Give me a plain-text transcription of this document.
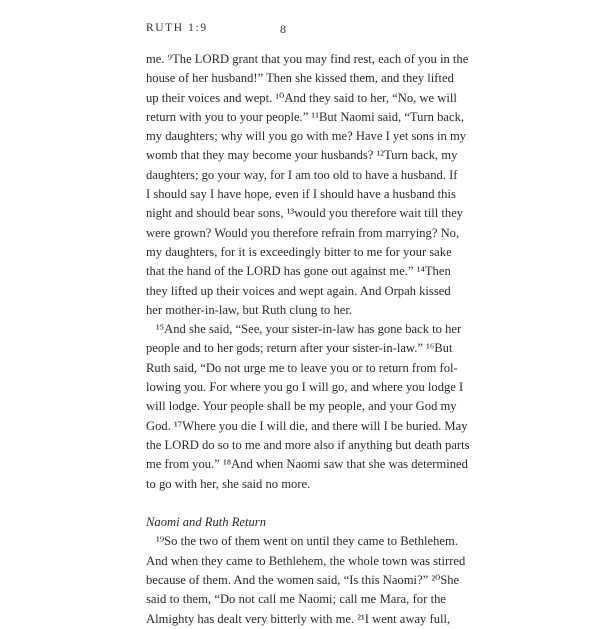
RUTH 1:9	8
me. ⁹The LORD grant that you may find rest, each of you in the
house of her husband!” Then she kissed them, and they lifted
up their voices and wept. ¹⁰And they said to her, “No, we will
return with you to your people.” ¹¹But Naomi said, “Turn back,
my daughters; why will you go with me? Have I yet sons in my
womb that they may become your husbands? ¹²Turn back, my
daughters; go your way, for I am too old to have a husband. If
I should say I have hope, even if I should have a husband this
night and should bear sons, ¹³would you therefore wait till they
were grown? Would you therefore refrain from marrying? No,
my daughters, for it is exceedingly bitter to me for your sake
that the hand of the LORD has gone out against me.” ¹⁴Then
they lifted up their voices and wept again. And Orpah kissed
her mother-in-law, but Ruth clung to her.
¹⁵And she said, “See, your sister-in-law has gone back to her
people and to her gods; return after your sister-in-law.” ¹⁶But
Ruth said, “Do not urge me to leave you or to return from fol-
lowing you. For where you go I will go, and where you lodge I
will lodge. Your people shall be my people, and your God my
God. ¹⁷Where you die I will die, and there will I be buried. May
the LORD do so to me and more also if anything but death parts
me from you.” ¹⁸And when Naomi saw that she was determined
to go with her, she said no more.
Naomi and Ruth Return
¹⁹So the two of them went on until they came to Bethlehem.
And when they came to Bethlehem, the whole town was stirred
because of them. And the women said, “Is this Naomi?” ²⁰She
said to them, “Do not call me Naomi; call me Mara, for the
Almighty has dealt very bitterly with me. ²¹I went away full,
